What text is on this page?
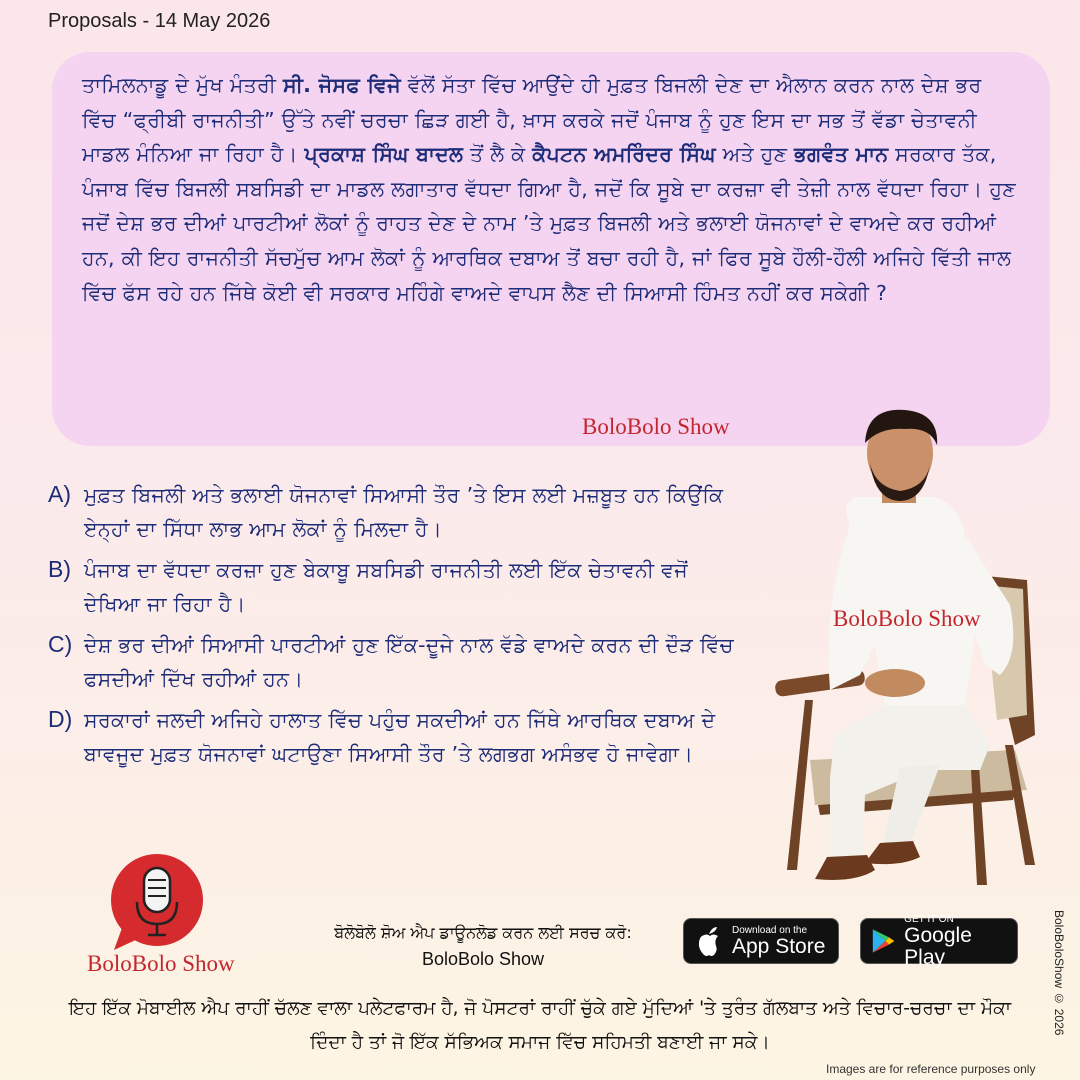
Proposals - 14 May 2026

ਤਾਮਿਲਨਾਡੂ ਦੇ ਮੁੱਖ ਮੰਤਰੀ ਸੀ. ਜੋਸਫ ਵਿਜੇ ਵੱਲੋਂ ਸੱਤਾ ਵਿੱਚ ਆਉਂਦੇ ਹੀ ਮੁਫ਼ਤ ਬਿਜਲੀ ਦੇਣ ਦਾ ਐਲਾਨ ਕਰਨ ਨਾਲ ਦੇਸ਼ ਭਰ ਵਿੱਚ “ਫ੍ਰੀਬੀ ਰਾਜਨੀਤੀ” ਉੱਤੇ ਨਵੀਂ ਚਰਚਾ ਛਿੜ ਗਈ ਹੈ, ਖ਼ਾਸ ਕਰਕੇ ਜਦੋਂ ਪੰਜਾਬ ਨੂੰ ਹੁਣ ਇਸ ਦਾ ਸਭ ਤੋਂ ਵੱਡਾ ਚੇਤਾਵਨੀ ਮਾਡਲ ਮੰਨਿਆ ਜਾ ਰਿਹਾ ਹੈ। ਪ੍ਰਕਾਸ਼ ਸਿੰਘ ਬਾਦਲ ਤੋਂ ਲੈ ਕੇ ਕੈਪਟਨ ਅਮਰਿੰਦਰ ਸਿੰਘ ਅਤੇ ਹੁਣ ਭਗਵੰਤ ਮਾਨ ਸਰਕਾਰ ਤੱਕ, ਪੰਜਾਬ ਵਿੱਚ ਬਿਜਲੀ ਸਬਸਿਡੀ ਦਾ ਮਾਡਲ ਲਗਾਤਾਰ ਵੱਧਦਾ ਗਿਆ ਹੈ, ਜਦੋਂ ਕਿ ਸੂਬੇ ਦਾ ਕਰਜ਼ਾ ਵੀ ਤੇਜ਼ੀ ਨਾਲ ਵੱਧਦਾ ਰਿਹਾ। ਹੁਣ ਜਦੋਂ ਦੇਸ਼ ਭਰ ਦੀਆਂ ਪਾਰਟੀਆਂ ਲੋਕਾਂ ਨੂੰ ਰਾਹਤ ਦੇਣ ਦੇ ਨਾਮ ’ਤੇ ਮੁਫ਼ਤ ਬਿਜਲੀ ਅਤੇ ਭਲਾਈ ਯੋਜਨਾਵਾਂ ਦੇ ਵਾਅਦੇ ਕਰ ਰਹੀਆਂ ਹਨ, ਕੀ ਇਹ ਰਾਜਨੀਤੀ ਸੱਚਮੁੱਚ ਆਮ ਲੋਕਾਂ ਨੂੰ ਆਰਥਿਕ ਦਬਾਅ ਤੋਂ ਬਚਾ ਰਹੀ ਹੈ, ਜਾਂ ਫਿਰ ਸੂਬੇ ਹੌਲੀ-ਹੌਲੀ ਅਜਿਹੇ ਵਿੱਤੀ ਜਾਲ ਵਿੱਚ ਫੱਸ ਰਹੇ ਹਨ ਜਿੱਥੇ ਕੋਈ ਵੀ ਸਰਕਾਰ ਮਹਿੰਗੇ ਵਾਅਦੇ ਵਾਪਸ ਲੈਣ ਦੀ ਸਿਆਸੀ ਹਿੰਮਤ ਨਹੀਂ ਕਰ ਸਕੇਗੀ ?

BoloBolo Show
A) ਮੁਫ਼ਤ ਬਿਜਲੀ ਅਤੇ ਭਲਾਈ ਯੋਜਨਾਵਾਂ ਸਿਆਸੀ ਤੌਰ ’ਤੇ ਇਸ ਲਈ ਮਜ਼ਬੂਤ ਹਨ ਕਿਉਂਕਿ ਏਨ੍ਹਾਂ ਦਾ ਸਿੱਧਾ ਲਾਭ ਆਮ ਲੋਕਾਂ ਨੂੰ ਮਿਲਦਾ ਹੈ।
B) ਪੰਜਾਬ ਦਾ ਵੱਧਦਾ ਕਰਜ਼ਾ ਹੁਣ ਬੇਕਾਬੂ ਸਬਸਿਡੀ ਰਾਜਨੀਤੀ ਲਈ ਇੱਕ ਚੇਤਾਵਨੀ ਵਜੋਂ ਦੇਖਿਆ ਜਾ ਰਿਹਾ ਹੈ।
C) ਦੇਸ਼ ਭਰ ਦੀਆਂ ਸਿਆਸੀ ਪਾਰਟੀਆਂ ਹੁਣ ਇੱਕ-ਦੂਜੇ ਨਾਲ ਵੱਡੇ ਵਾਅਦੇ ਕਰਨ ਦੀ ਦੌੜ ਵਿੱਚ ਫਸਦੀਆਂ ਦਿੱਖ ਰਹੀਆਂ ਹਨ।
D) ਸਰਕਾਰਾਂ ਜਲਦੀ ਅਜਿਹੇ ਹਾਲਾਤ ਵਿੱਚ ਪਹੁੰਚ ਸਕਦੀਆਂ ਹਨ ਜਿੱਥੇ ਆਰਥਿਕ ਦਬਾਅ ਦੇ ਬਾਵਜੂਦ ਮੁਫ਼ਤ ਯੋਜਨਾਵਾਂ ਘਟਾਉਣਾ ਸਿਆਸੀ ਤੌਰ ’ਤੇ ਲਗਭਗ ਅਸੰਭਵ ਹੋ ਜਾਵੇਗਾ।
BoloBolo Show
BoloBolo Show
ਬੋਲੋਬੋਲੋ ਸ਼ੋਅ ਐਪ ਡਾਊਨਲੋਡ ਕਰਨ ਲਈ ਸਰਚ ਕਰੋ:
BoloBolo Show
Download on the
App Store
GET IT ON
Google Play
ਇਹ ਇੱਕ ਮੋਬਾਈਲ ਐਪ ਰਾਹੀਂ ਚੱਲਣ ਵਾਲਾ ਪਲੇਟਫਾਰਮ ਹੈ, ਜੋ ਪੋਸਟਰਾਂ ਰਾਹੀਂ ਚੁੱਕੇ ਗਏ ਮੁੱਦਿਆਂ 'ਤੇ ਤੁਰੰਤ ਗੱਲਬਾਤ ਅਤੇ ਵਿਚਾਰ-ਚਰਚਾ ਦਾ ਮੌਕਾ ਦਿੰਦਾ ਹੈ ਤਾਂ ਜੋ ਇੱਕ ਸੱਭਿਅਕ ਸਮਾਜ ਵਿੱਚ ਸਹਿਮਤੀ ਬਣਾਈ ਜਾ ਸਕੇ।
BoloBoloShow © 2026
Images are for reference purposes only
